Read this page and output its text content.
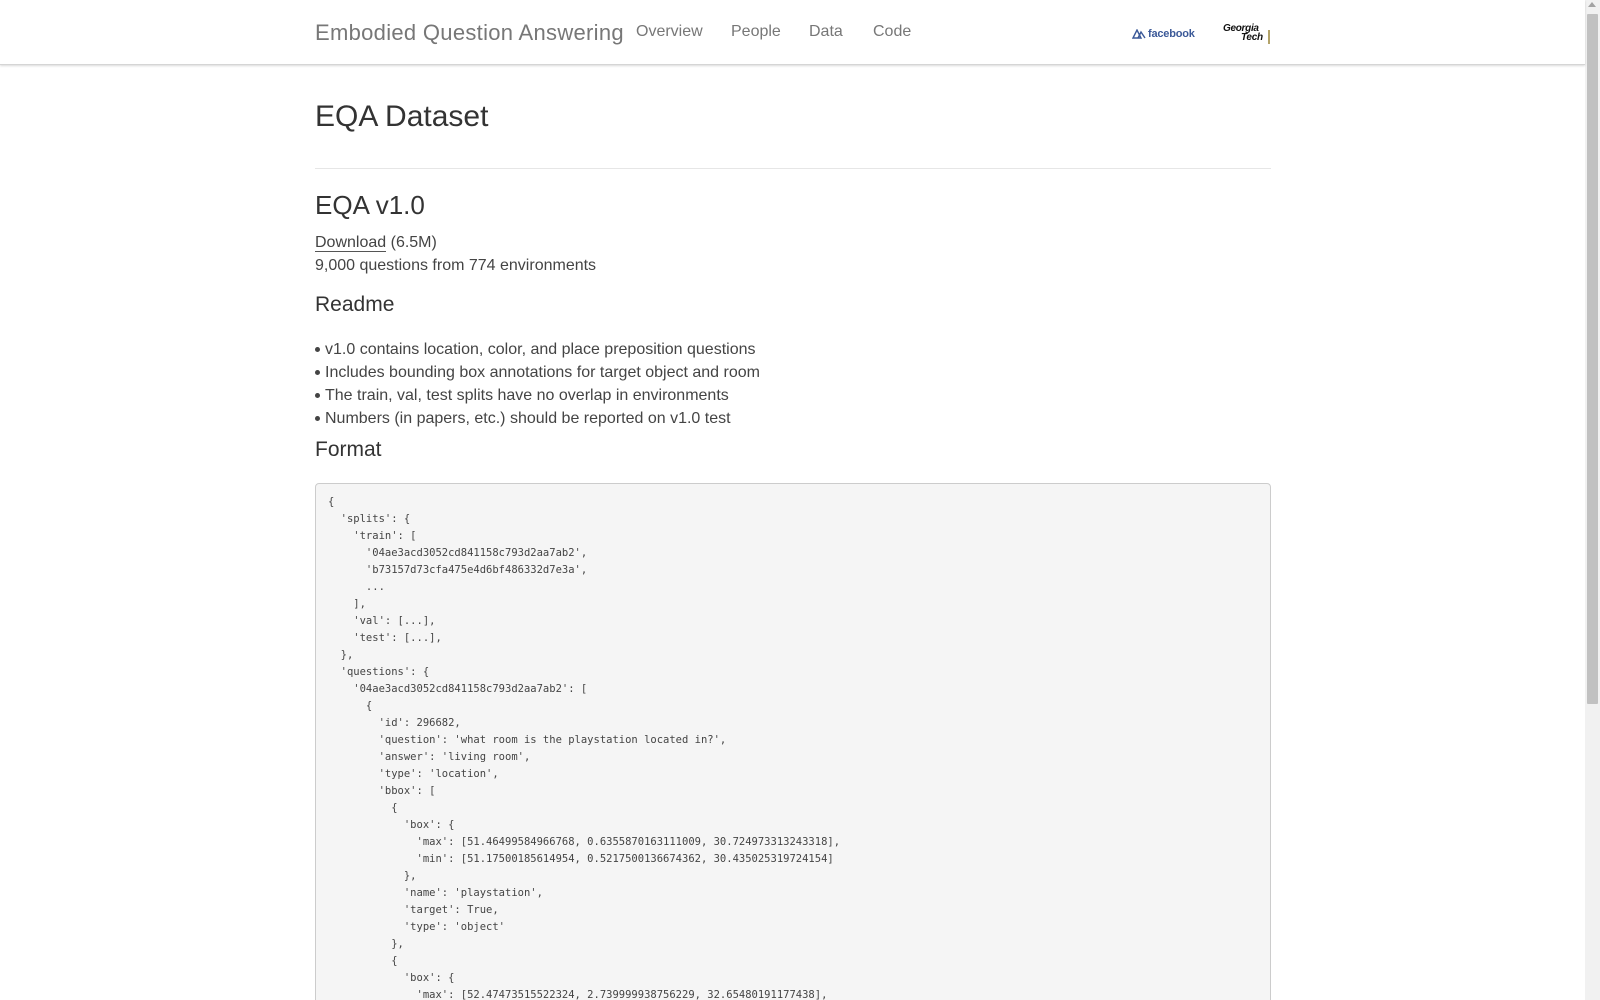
Embodied Question Answering Overview People Data Code	facebook	Georgia
Tech
EQA Dataset
EQA v1.0
Download (6.5M)
9,000 questions from 774 environments
Readme
v1.0 contains location, color, and place preposition questions
Includes bounding box annotations for target object and room
The train, val, test splits have no overlap in environments
Numbers (in papers, etc.) should be reported on v1.0 test
Format
{
'splits': {
'train': [
'04ae3acd3052cd841158c793d2aa7ab2',
'b73157d73cfa475e4d6bf486332d7e3a',
...
],
'val': [...],
'test': [...],
},
'questions': {
'04ae3acd3052cd841158c793d2aa7ab2': [
{
'id': 296682,
'question': 'what room is the playstation located in?',
'answer': 'living room',
'type': 'location',
'bbox': [
{
'box': {
'max': [51.46499584966768, 0.6355870163111009, 30.724973313243318],
'min': [51.17500185614954, 0.5217500136674362, 30.435025319724154]
},
'name': 'playstation',
'target': True,
'type': 'object'
},
{
'box': {
'max': [52.47473515522324, 2.739999938756229, 32.65480191177438],
